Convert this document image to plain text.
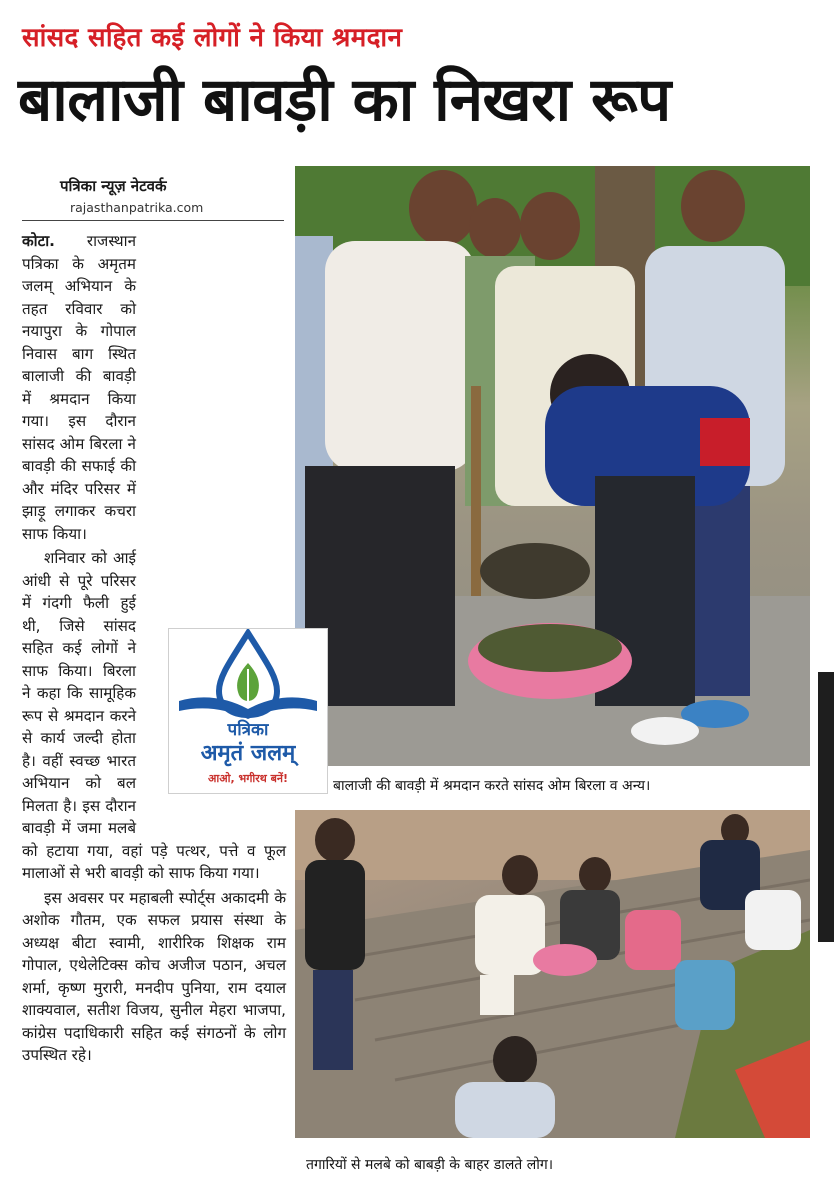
सांसद सहित कई लोगों ने किया श्रमदान
बालाजी बावड़ी का निखरा रूप
पत्रिका न्यूज़ नेटवर्क
rajasthanpatrika.com

कोटा. राजस्थान पत्रिका के अमृतम जलम् अभियान के तहत रविवार को नयापुरा के गोपाल निवास बाग स्थित बालाजी की बावड़ी में श्रमदान किया गया। इस दौरान सांसद ओम बिरला ने बावड़ी की सफाई की और मंदिर परिसर में झाड़ू लगाकर कचरा साफ किया।

शनिवार को आई आंधी से पूरे परिसर में गंदगी फैली हुई थी, जिसे सांसद सहित कई लोगों ने साफ किया। बिरला ने कहा कि सामूहिक रूप से श्रमदान करने से कार्य जल्दी होता है। वहीं स्वच्छ भारत अभियान को बल मिलता है। इस दौरान बावड़ी में जमा मलबे को हटाया गया, वहां पड़े पत्थर, पत्ते व फूल मालाओं से भरी बावड़ी को साफ किया गया।

इस अवसर पर महाबली स्पोर्ट्स अकादमी के अशोक गौतम, एक सफल प्रयास संस्था के अध्यक्ष बीटा स्वामी, शारीरिक शिक्षक राम गोपाल, एथेलेटिक्स कोच अजीज पठान, अचल शर्मा, कृष्ण मुरारी, मनदीप पुनिया, राम दयाल शाक्यवाल, सतीश विजय, सुनील मेहरा भाजपा, कांग्रेस पदाधिकारी सहित कई संगठनों के लोग उपस्थित रहे।

बालाजी की बावड़ी में श्रमदान करते सांसद ओम बिरला व अन्य।
पत्रिका
अमृतं जलम्
आओ, भगीरथ बनें!
तगारियों से मलबे को बाबड़ी के बाहर डालते लोग।
